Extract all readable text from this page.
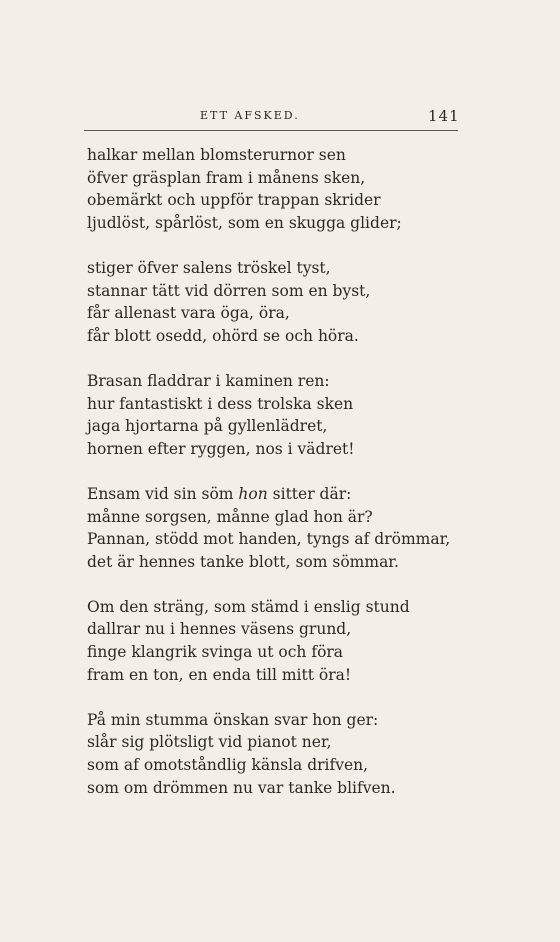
ETT AFSKED.	141
halkar mellan blomsterurnor sen
öfver gräsplan fram i månens sken,
obemärkt och uppför trappan skrider
ljudlöst, spårlöst, som en skugga glider;
stiger öfver salens tröskel tyst,
stannar tätt vid dörren som en byst,
får allenast vara öga, öra,
får blott osedd, ohörd se och höra.
Brasan fladdrar i kaminen ren:
hur fantastiskt i dess trolska sken
jaga hjortarna på gyllenlädret,
hornen efter ryggen, nos i vädret!
Ensam vid sin söm hon sitter där:
månne sorgsen, månne glad hon är?
Pannan, stödd mot handen, tyngs af drömmar,
det är hennes tanke blott, som sömmar.
Om den sträng, som stämd i enslig stund
dallrar nu i hennes väsens grund,
finge klangrik svinga ut och föra
fram en ton, en enda till mitt öra!
På min stumma önskan svar hon ger:
slår sig plötsligt vid pianot ner,
som af omotståndlig känsla drifven,
som om drömmen nu var tanke blifven.
